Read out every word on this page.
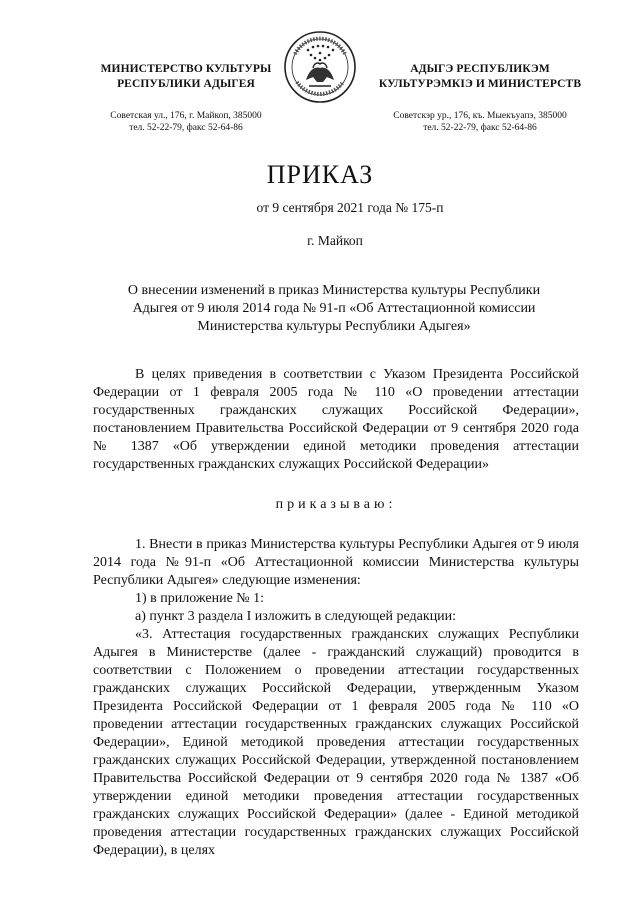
МИНИСТЕРСТВО КУЛЬТУРЫ
РЕСПУБЛИКИ АДЫГЕЯ
Советская ул., 176, г. Майкоп, 385000
тел. 52-22-79, факс 52-64-86
АДЫГЭ РЕСПУБЛИКЭМ
КУЛЬТУРЭМКIЭ И МИНИСТЕРСТВ
Советскэр ур., 176, къ. Мыекъуапэ, 385000
тел. 52-22-79, факс 52-64-86
ПРИКАЗ
от 9 сентября 2021 года № 175-п
г. Майкоп
О внесении изменений в приказ Министерства культуры Республики Адыгея от 9 июля 2014 года № 91-п «Об Аттестационной комиссии Министерства культуры Республики Адыгея»

В целях приведения в соответствии с Указом Президента Российской Федерации от 1 февраля 2005 года № 110 «О проведении аттестации государственных гражданских служащих Российской Федерации», постановлением Правительства Российской Федерации от 9 сентября 2020 года № 1387 «Об утверждении единой методики проведения аттестации государственных гражданских служащих Российской Федерации»

приказываю:

1. Внести в приказ Министерства культуры Республики Адыгея от 9 июля 2014 года №91-п «Об Аттестационной комиссии Министерства культуры Республики Адыгея» следующие изменения:

1) в приложение № 1:

а) пункт 3 раздела I изложить в следующей редакции:

«3. Аттестация государственных гражданских служащих Республики Адыгея в Министерстве (далее - гражданский служащий) проводится в соответствии с Положением о проведении аттестации государственных гражданских служащих Российской Федерации, утвержденным Указом Президента Российской Федерации от 1 февраля 2005 года № 110 «О проведении аттестации государственных гражданских служащих Российской Федерации», Единой методикой проведения аттестации государственных гражданских служащих Российской Федерации, утвержденной постановлением Правительства Российской Федерации от 9 сентября 2020 года № 1387 «Об утверждении единой методики проведения аттестации государственных гражданских служащих Российской Федерации» (далее - Единой методикой проведения аттестации государственных гражданских служащих Российской Федерации), в целях
